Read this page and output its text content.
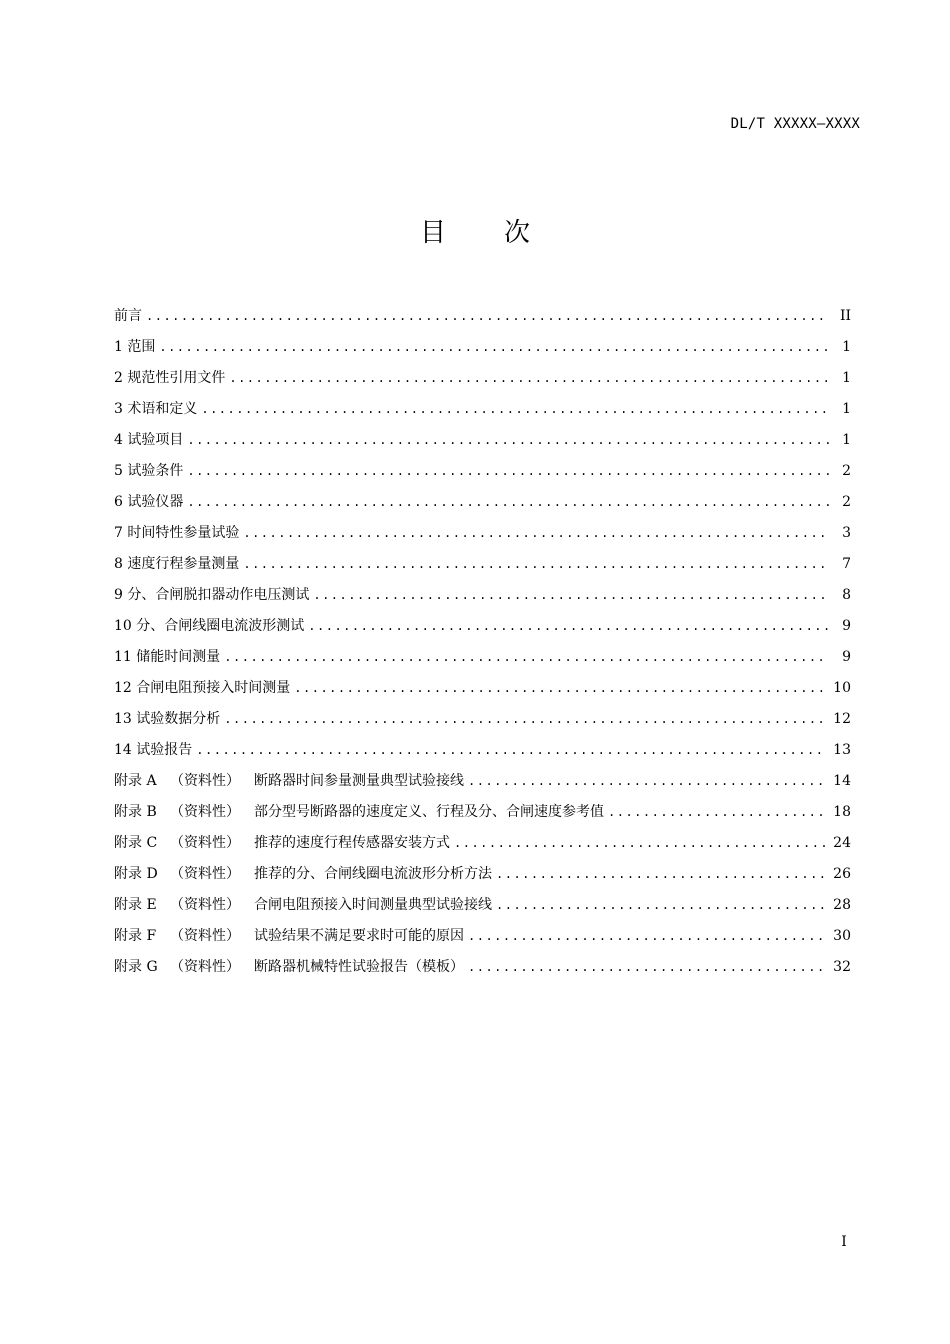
DL/T XXXXX—XXXX
目 次
前言 .....	II
1 范围 .....	1
2 规范性引用文件 .....	1
3 术语和定义 .....	1
4 试验项目 .....	1
5 试验条件 .....	2
6 试验仪器 .....	2
7 时间特性参量试验 .....	3
8 速度行程参量测量 .....	7
9 分、合闸脱扣器动作电压测试 .....	8
10 分、合闸线圈电流波形测试 .....	9
11 储能时间测量 .....	9
12 合闸电阻预接入时间测量 .....	10
13 试验数据分析 .....	12
14 试验报告 .....	13
附录 A （资料性） 断路器时间参量测量典型试验接线 .....	14
附录 B （资料性） 部分型号断路器的速度定义、行程及分、合闸速度参考值 .....	18
附录 C （资料性） 推荐的速度行程传感器安装方式 .....	24
附录 D （资料性） 推荐的分、合闸线圈电流波形分析方法 .....	26
附录 E （资料性） 合闸电阻预接入时间测量典型试验接线 .....	28
附录 F （资料性） 试验结果不满足要求时可能的原因 .....	30
附录 G （资料性） 断路器机械特性试验报告（模板） .....	32
I
